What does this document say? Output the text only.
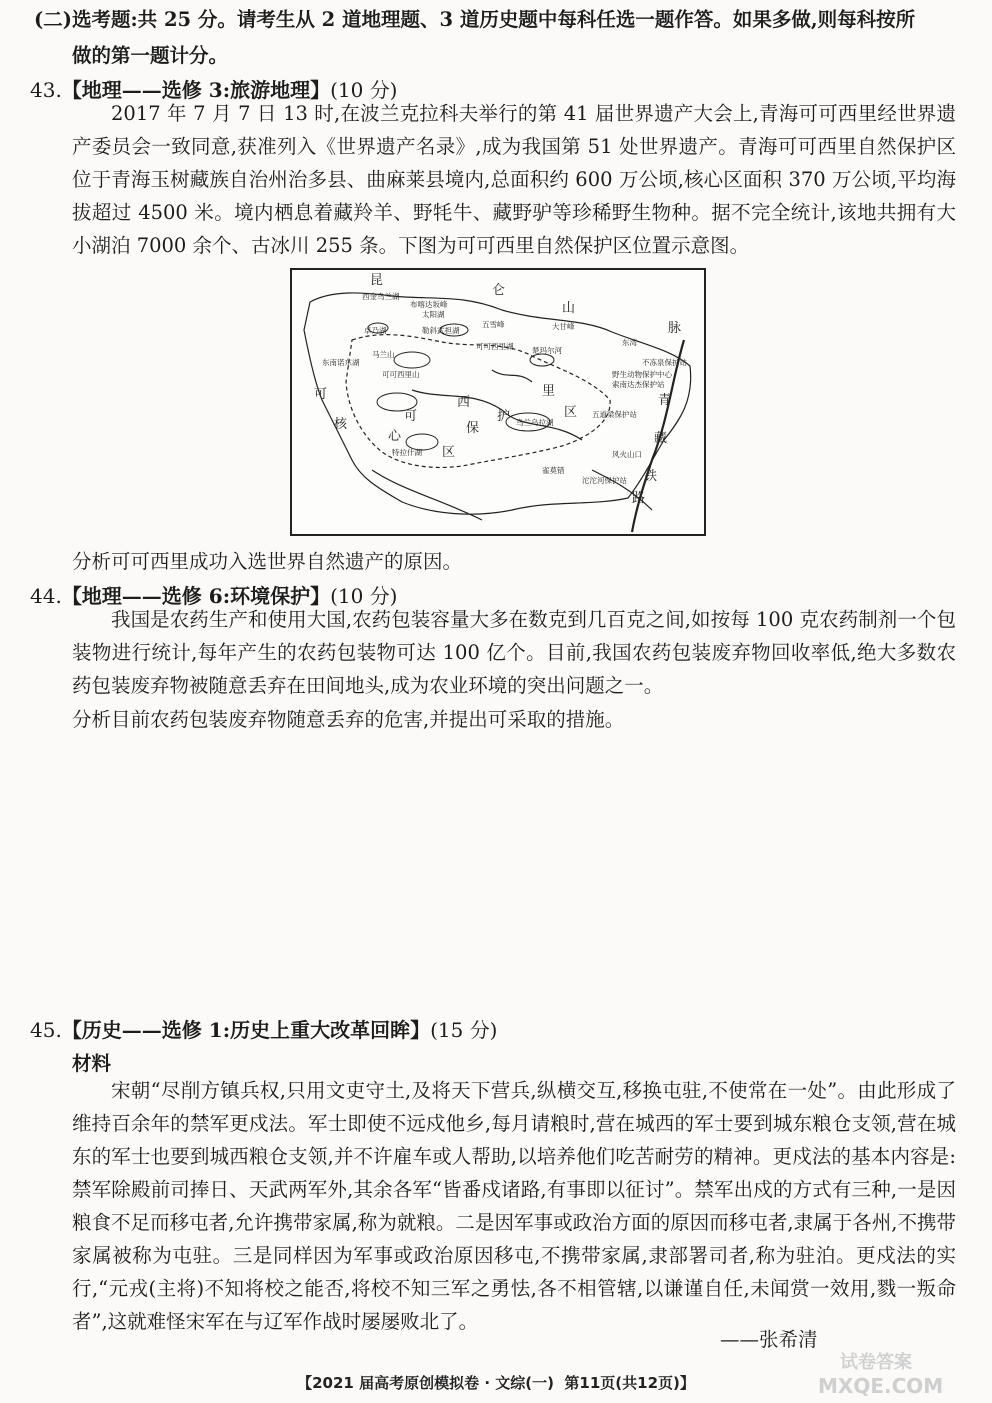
(二)选考题:共 25 分。请考生从 2 道地理题、3 道历史题中每科任选一题作答。如果多做,则每科按所
做的第一题计分。
43.【地理——选修 3:旅游地理】(10 分)
2017 年 7 月 7 日 13 时,在波兰克拉科夫举行的第 41 届世界遗产大会上,青海可可西里经世界遗产委员会一致同意,获准列入《世界遗产名录》,成为我国第 51 处世界遗产。青海可可西里自然保护区位于青海玉树藏族自治州治多县、曲麻莱县境内,总面积约 600 万公顷,核心区面积 370 万公顷,平均海拔超过 4500 米。境内栖息着藏羚羊、野牦牛、藏野驴等珍稀野生物种。据不完全统计,该地共拥有大小湖泊 7000 余个、古冰川 255 条。下图为可可西里自然保护区位置示意图。
昆
仑
山
脉
可
可
西
里
核
心
区
保
护	区
青
藏
铁
路
西金乌兰湖
太阳湖
布喀达坂峰
卓乃湖
可可西里湖
勒斜武担湖
五雪峰	大甘峰
东湾
马兰山
东南诺东湖	不冻泉保护站
野生动物保护中心
索南达杰保护站
楚玛尔河
五道梁保护站
可可西里山
乌兰乌拉湖
沱沱河保护站
风火山口
雀莫错
特拉什湖
分析可可西里成功入选世界自然遗产的原因。
44.【地理——选修 6:环境保护】(10 分)
我国是农药生产和使用大国,农药包装容量大多在数克到几百克之间,如按每 100 克农药制剂一个包装物进行统计,每年产生的农药包装物可达 100 亿个。目前,我国农药包装废弃物回收率低,绝大多数农药包装废弃物被随意丢弃在田间地头,成为农业环境的突出问题之一。
分析目前农药包装废弃物随意丢弃的危害,并提出可采取的措施。
45.【历史——选修 1:历史上重大改革回眸】(15 分)
材料
宋朝“尽削方镇兵权,只用文吏守土,及将天下营兵,纵横交互,移换屯驻,不使常在一处”。由此形成了维持百余年的禁军更戍法。军士即使不远戍他乡,每月请粮时,营在城西的军士要到城东粮仓支领,营在城东的军士也要到城西粮仓支领,并不许雇车或人帮助,以培养他们吃苦耐劳的精神。更戍法的基本内容是:禁军除殿前司捧日、天武两军外,其余各军“皆番戍诸路,有事即以征讨”。禁军出戍的方式有三种,一是因粮食不足而移屯者,允许携带家属,称为就粮。二是因军事或政治方面的原因而移屯者,隶属于各州,不携带家属被称为屯驻。三是同样因为军事或政治原因移屯,不携带家属,隶部署司者,称为驻泊。更戍法的实行,“元戎(主将)不知将校之能否,将校不知三军之勇怯,各不相管辖,以谦谨自任,未闻赏一效用,戮一叛命者”,这就难怪宋军在与辽军作战时屡屡败北了。
——张希清
【2021 届高考原创模拟卷 · 文综(一) 第11页(共12页)】
试卷答案
MXQE.COM
